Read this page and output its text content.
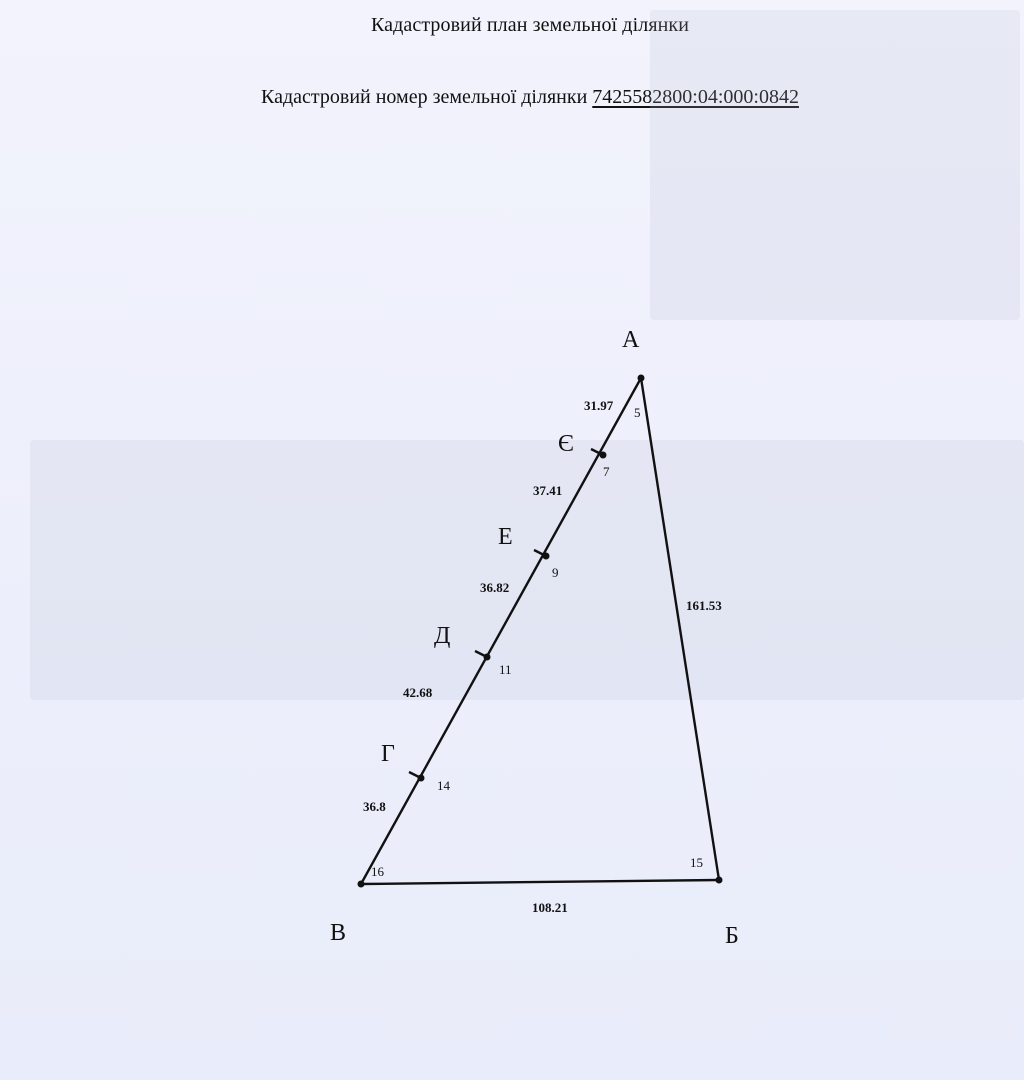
Кадастровий план земельної ділянки
Кадастровий номер земельної ділянки 7425582800:04:000:0842
А
Б
В
Г
Д
Е
Є
31.97
37.41
36.82
42.68
36.8
161.53
108.21
5
7
9
11
14
15
16
